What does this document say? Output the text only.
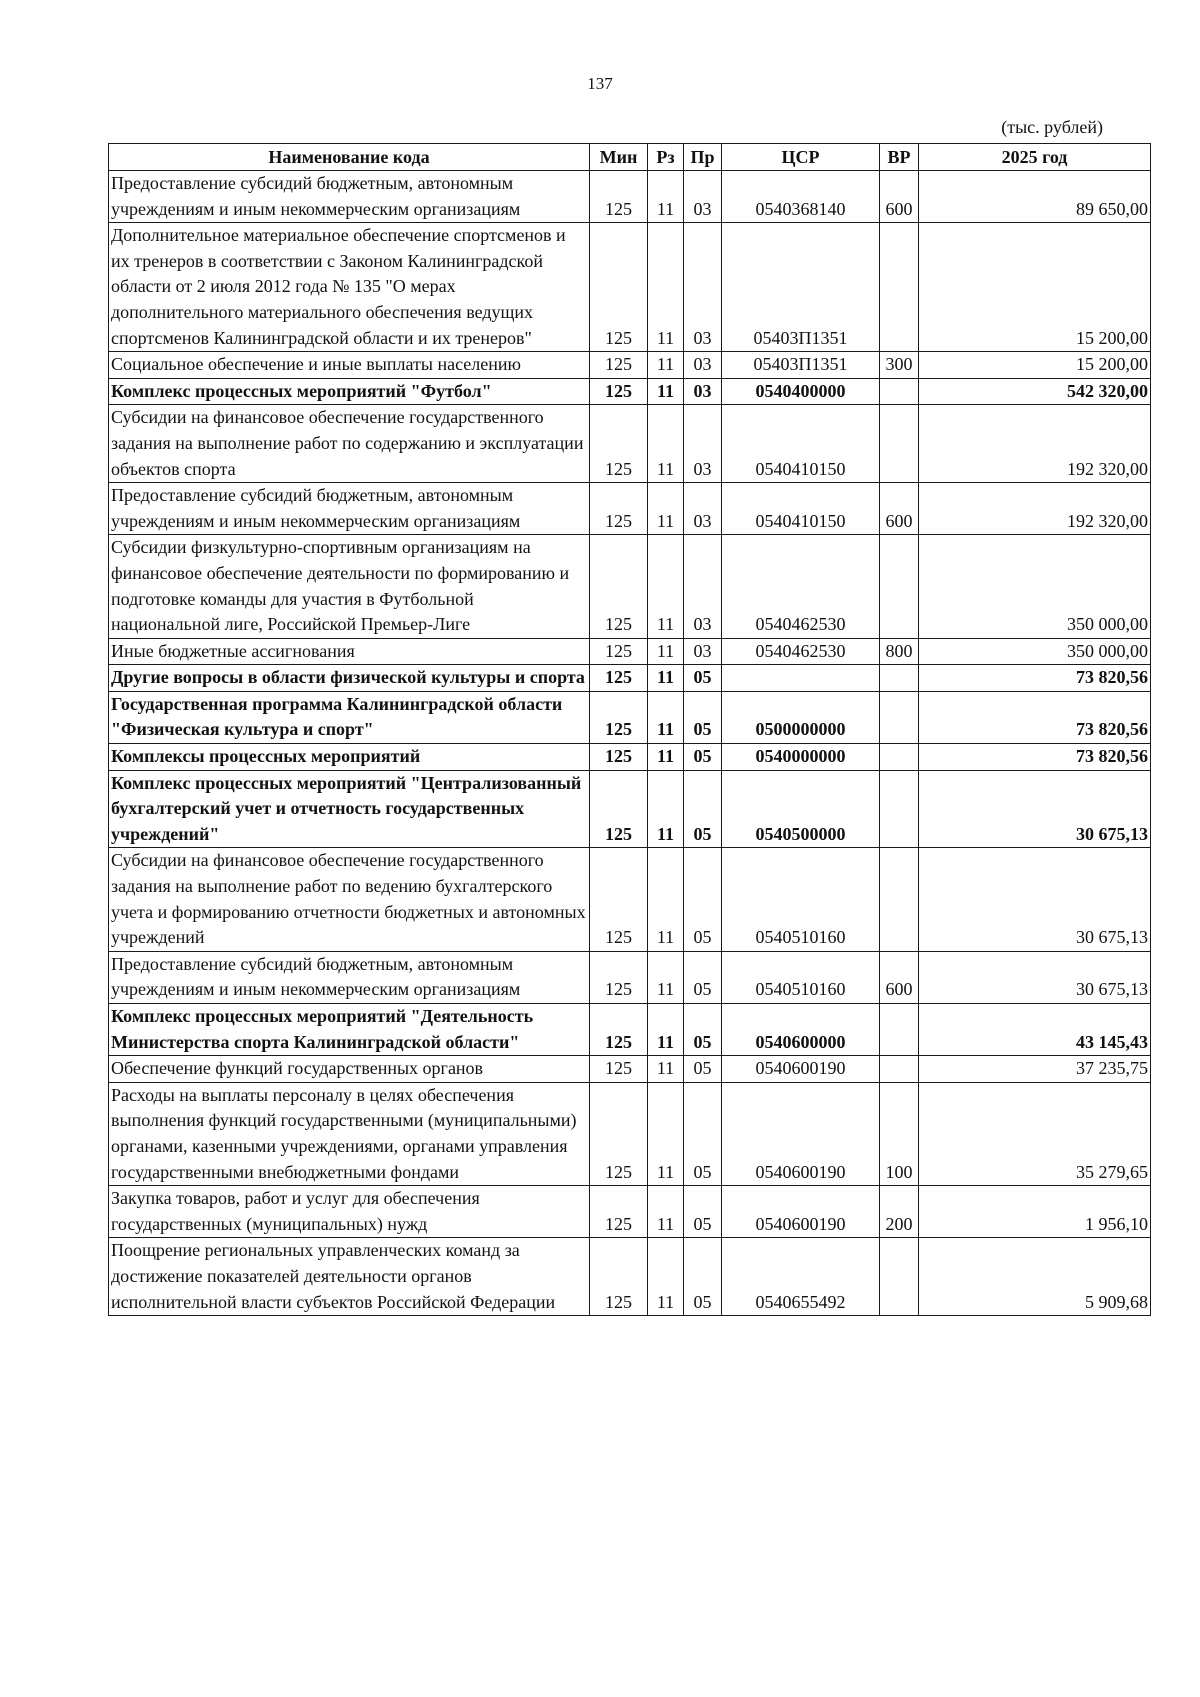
137
(тыс. рублей)
Наименование кода	Мин	Рз	Пр	ЦСР	ВР	2025 год
Предоставление субсидий бюджетным, автономным учреждениям и иным некоммерческим организациям	125	11	03	0540368140	600	89 650,00
Дополнительное материальное обеспечение спортсменов и их тренеров в соответствии с Законом Калининградской области от 2 июля 2012 года № 135 "О мерах дополнительного материального обеспечения ведущих спортсменов Калининградской области и их тренеров"	125	11	03	05403П1351		15 200,00
Социальное обеспечение и иные выплаты населению	125	11	03	05403П1351	300	15 200,00
Комплекс процессных мероприятий "Футбол"	125	11	03	0540400000		542 320,00
Субсидии на финансовое обеспечение государственного задания на выполнение работ по содержанию и эксплуатации объектов спорта	125	11	03	0540410150		192 320,00
Предоставление субсидий бюджетным, автономным учреждениям и иным некоммерческим организациям	125	11	03	0540410150	600	192 320,00
Субсидии физкультурно-спортивным организациям на финансовое обеспечение деятельности по формированию и подготовке команды для участия в Футбольной национальной лиге, Российской Премьер-Лиге	125	11	03	0540462530		350 000,00
Иные бюджетные ассигнования	125	11	03	0540462530	800	350 000,00
Другие вопросы в области физической культуры и спорта	125	11	05			73 820,56
Государственная программа Калининградской области "Физическая культура и спорт"	125	11	05	0500000000		73 820,56
Комплексы процессных мероприятий	125	11	05	0540000000		73 820,56
Комплекс процессных мероприятий "Централизованный бухгалтерский учет и отчетность государственных учреждений"	125	11	05	0540500000		30 675,13
Субсидии на финансовое обеспечение государственного задания на выполнение работ по ведению бухгалтерского учета и формированию отчетности бюджетных и автономных учреждений	125	11	05	0540510160		30 675,13
Предоставление субсидий бюджетным, автономным учреждениям и иным некоммерческим организациям	125	11	05	0540510160	600	30 675,13
Комплекс процессных мероприятий "Деятельность Министерства спорта Калининградской области"	125	11	05	0540600000		43 145,43
Обеспечение функций государственных органов	125	11	05	0540600190		37 235,75
Расходы на выплаты персоналу в целях обеспечения выполнения функций государственными (муниципальными) органами, казенными учреждениями, органами управления государственными внебюджетными фондами	125	11	05	0540600190	100	35 279,65
Закупка товаров, работ и услуг для обеспечения государственных (муниципальных) нужд	125	11	05	0540600190	200	1 956,10
Поощрение региональных управленческих команд за достижение показателей деятельности органов исполнительной власти субъектов Российской Федерации	125	11	05	0540655492		5 909,68
